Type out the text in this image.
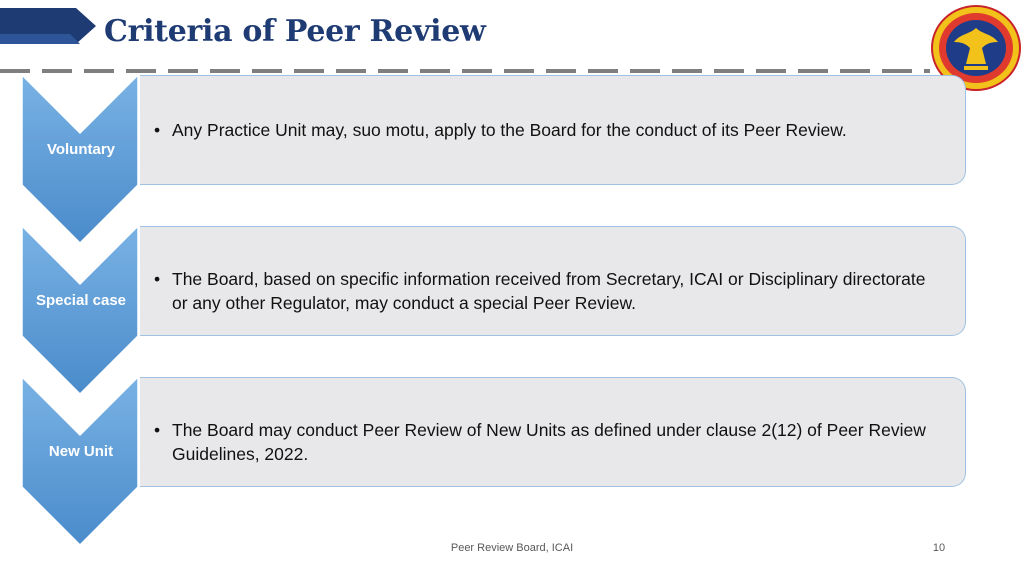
Criteria of Peer Review
Voluntary
• Any Practice Unit may, suo motu, apply to the Board for the conduct of its Peer Review.
Special case
• The Board, based on specific information received from Secretary, ICAI or Disciplinary directorate or any other Regulator, may conduct a special Peer Review.
New Unit
• The Board may conduct Peer Review of New Units as defined under clause 2(12) of Peer Review Guidelines, 2022.
Peer Review Board, ICAI	10
